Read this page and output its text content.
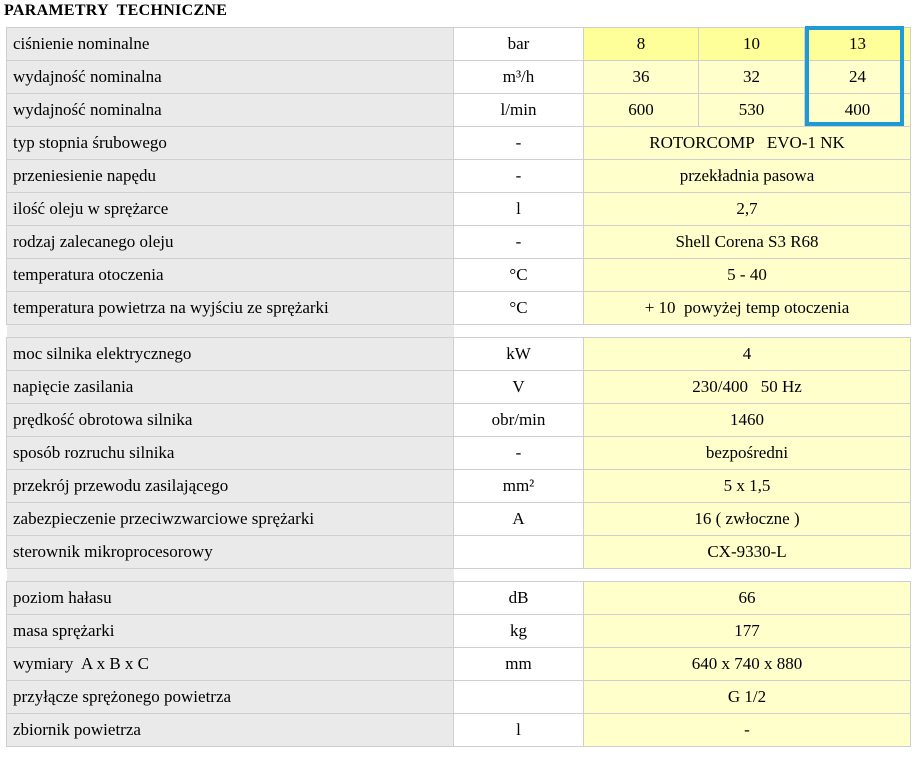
PARAMETRY  TECHNICZNE
ciśnienie nominalne	bar	8	10	13
wydajność nominalna	m³/h	36	32	24
wydajność nominalna	l/min	600	530	400
typ stopnia śrubowego	-	ROTORCOMP   EVO-1 NK		
przeniesienie napędu	-	przekładnia pasowa		
ilość oleju w sprężarce	l	2,7		
rodzaj zalecanego oleju	-	Shell Corena S3 R68		
temperatura otoczenia	°C	5 - 40		
temperatura powietrza na wyjściu ze sprężarki	°C	+ 10  powyżej temp otoczenia		

moc silnika elektrycznego	kW	4		
napięcie zasilania	V	230/400   50 Hz		
prędkość obrotowa silnika	obr/min	1460		
sposób rozruchu silnika	-	bezpośredni		
przekrój przewodu zasilającego	mm²	5 x 1,5		
zabezpieczenie przeciwzwarciowe sprężarki	A	16 ( zwłoczne )		
sterownik mikroprocesorowy		CX-9330-L		

poziom hałasu	dB	66		
masa sprężarki	kg	177		
wymiary  A x B x C	mm	640 x 740 x 880		
przyłącze sprężonego powietrza		G 1/2		
zbiornik powietrza	l	-		
